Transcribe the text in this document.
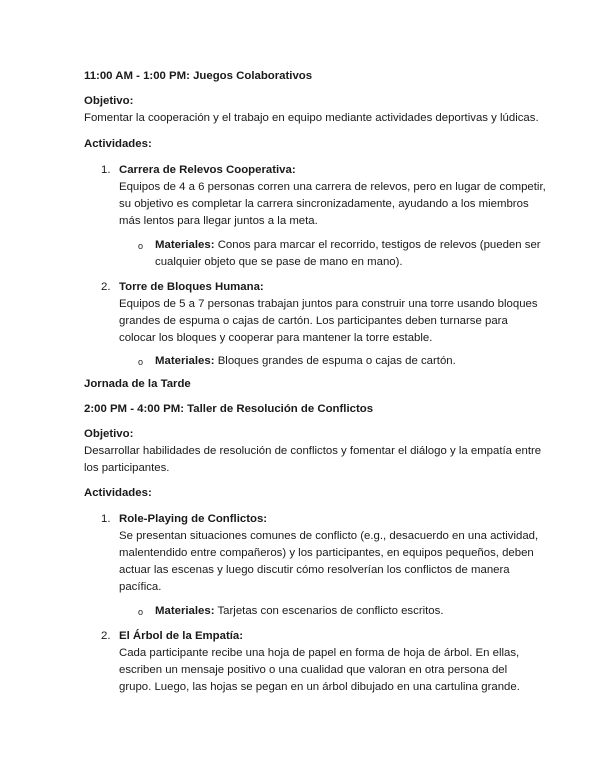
11:00 AM - 1:00 PM: Juegos Colaborativos
Objetivo:
Fomentar la cooperación y el trabajo en equipo mediante actividades deportivas y lúdicas.
Actividades:
1. Carrera de Relevos Cooperativa:
Equipos de 4 a 6 personas corren una carrera de relevos, pero en lugar de competir,
su objetivo es completar la carrera sincronizadamente, ayudando a los miembros
más lentos para llegar juntos a la meta.
o Materiales: Conos para marcar el recorrido, testigos de relevos (pueden ser
cualquier objeto que se pase de mano en mano).
2. Torre de Bloques Humana:
Equipos de 5 a 7 personas trabajan juntos para construir una torre usando bloques
grandes de espuma o cajas de cartón. Los participantes deben turnarse para
colocar los bloques y cooperar para mantener la torre estable.
o Materiales: Bloques grandes de espuma o cajas de cartón.
Jornada de la Tarde
2:00 PM - 4:00 PM: Taller de Resolución de Conflictos
Objetivo:
Desarrollar habilidades de resolución de conflictos y fomentar el diálogo y la empatía entre
los participantes.
Actividades:
1. Role-Playing de Conflictos:
Se presentan situaciones comunes de conflicto (e.g., desacuerdo en una actividad,
malentendido entre compañeros) y los participantes, en equipos pequeños, deben
actuar las escenas y luego discutir cómo resolverían los conflictos de manera
pacífica.
o Materiales: Tarjetas con escenarios de conflicto escritos.
2. El Árbol de la Empatía:
Cada participante recibe una hoja de papel en forma de hoja de árbol. En ellas,
escriben un mensaje positivo o una cualidad que valoran en otra persona del
grupo. Luego, las hojas se pegan en un árbol dibujado en una cartulina grande.
